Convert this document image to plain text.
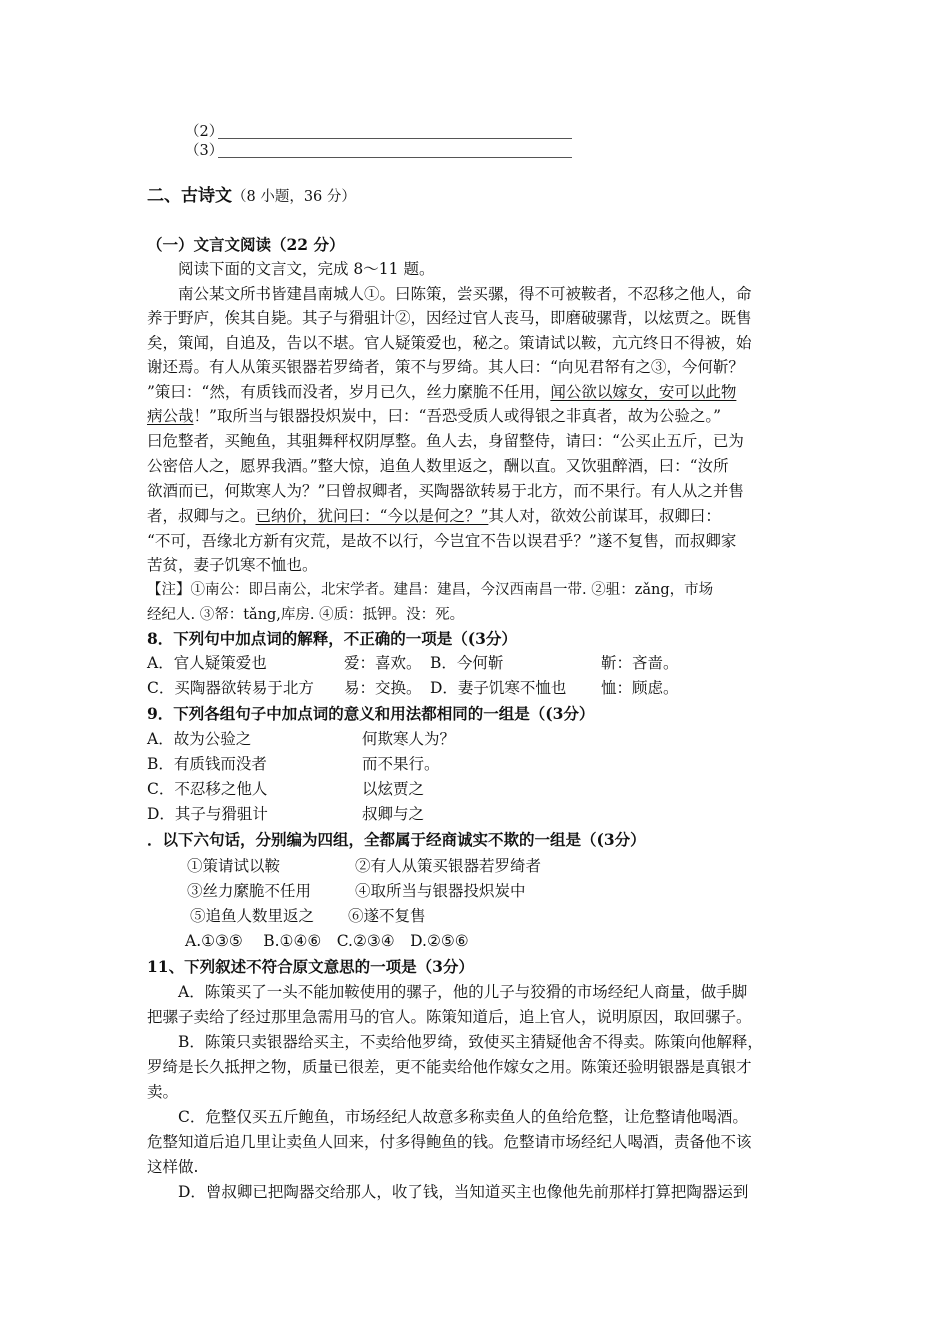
（2）
（3）
二、古诗文（8 小题，36 分）
（一）文言文阅读（22 分）
阅读下面的文言文，完成 8～11 题。
南公某文所书皆建昌南城人①。曰陈策，尝买骡，得不可被鞍者，不忍移之他人，命
养于野庐，俟其自毙。其子与猾驵计②，因经过官人丧马，即磨破骡背，以炫贾之。既售
矣，策闻，自追及，告以不堪。官人疑策爱也，秘之。策请试以鞍，亢亢终日不得被，始
谢还焉。有人从策买银器若罗绮者，策不与罗绮。其人曰：“向见君帑有之③，今何靳？
”策曰：“然，有质钱而没者，岁月已久，丝力縻脆不任用，闻公欲以嫁女，安可以此物
病公哉！”取所当与银器投炽炭中，曰：“吾恐受质人或得银之非真者，故为公验之。”
曰危整者，买鲍鱼，其驵舞秤权阴厚整。鱼人去，身留整侍，请曰：“公买止五斤，已为
公密倍人之，愿界我酒。”整大惊，追鱼人数里返之，酬以直。又饮驵醉酒，曰：“汝所
欲酒而已，何欺寒人为？”曰曾叔卿者，买陶器欲转易于北方，而不果行。有人从之并售
者，叔卿与之。已纳价，犹问曰：“今以是何之？”其人对，欲效公前谋耳，叔卿曰：
“不可，吾缘北方新有灾荒，是故不以行，今岂宜不告以误君乎？”遂不复售，而叔卿家
苦贫，妻子饥寒不恤也。
【注】①南公：即吕南公，北宋学者。建昌：建昌，今汉西南昌一带. ②驵：zǎng，市场
经纪人. ③帑：tǎng,库房. ④质：抵钾。没：死。
8．下列句中加点词的解释，不正确的一项是（(3分）
A．官人疑策爱也	爱：喜欢。 B．今何靳	靳：吝啬。
C．买陶器欲转易于北方 易：交换。 D．妻子饥寒不恤也 恤：顾虑。
9．下列各组句子中加点词的意义和用法都相同的一组是（(3分）
A．故为公验之	何欺寒人为？
B．有质钱而没者	而不果行。
C．不忍移之他人	以炫贾之
D．其子与猾驵计	叔卿与之
．以下六句话，分别编为四组，全都属于经商诚实不欺的一组是（(3分）
①策请试以鞍	②有人从策买银器若罗绮者
③丝力縻脆不任用	④取所当与银器投炽炭中
⑤追鱼人数里返之 ⑥遂不复售
A.①③⑤　 B.①④⑥　C.②③④　D.②⑤⑥
11、下列叙述不符合原文意思的一项是（3分）
A．陈策买了一头不能加鞍使用的骡子，他的儿子与狡猾的市场经纪人商量，做手脚
把骡子卖给了经过那里急需用马的官人。陈策知道后，追上官人，说明原因，取回骡子。
B．陈策只卖银器给买主，不卖给他罗绮，致使买主猜疑他舍不得卖。陈策向他解释，
罗绮是长久抵押之物，质量已很差，更不能卖给他作嫁女之用。陈策还验明银器是真银才
卖。
C．危整仅买五斤鲍鱼，市场经纪人故意多称卖鱼人的鱼给危整，让危整请他喝酒。
危整知道后追几里让卖鱼人回来，付多得鲍鱼的钱。危整请市场经纪人喝酒，责备他不该
这样做.
D．曾叔卿已把陶器交给那人，收了钱，当知道买主也像他先前那样打算把陶器运到
